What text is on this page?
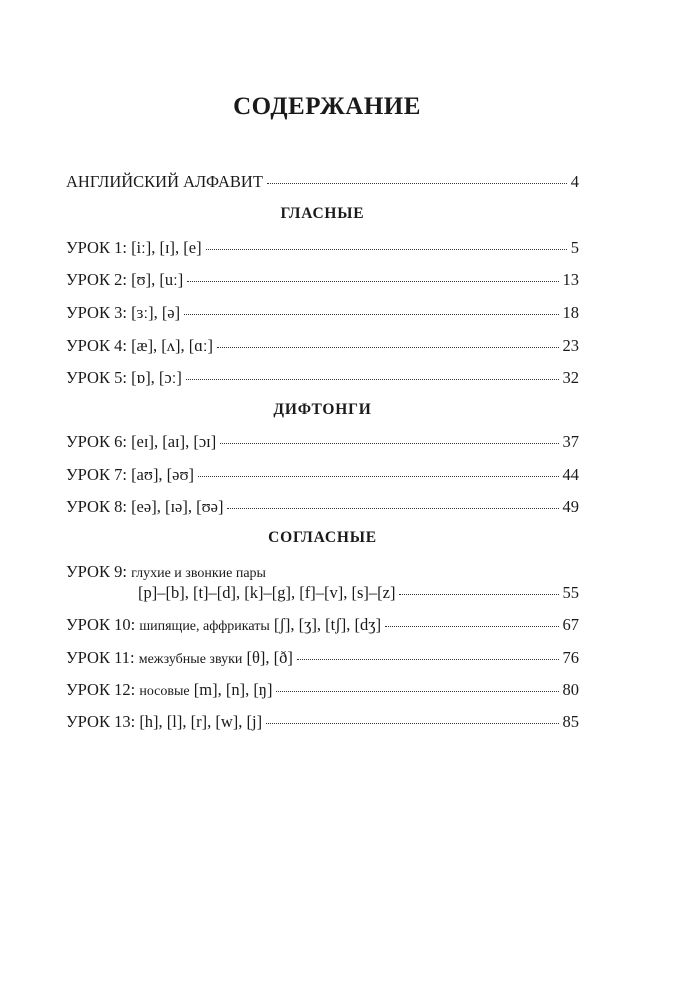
СОДЕРЖАНИЕ
АНГЛИЙСКИЙ АЛФАВИТ	4
ГЛАСНЫЕ
УРОК 1: [iː], [ɪ], [e]	5
УРОК 2: [ʊ], [uː]	13
УРОК 3: [ɜː], [ə]	18
УРОК 4: [æ], [ʌ], [ɑː]	23
УРОК 5: [ɒ], [ɔː]	32
ДИФТОНГИ
УРОК 6: [eɪ], [aɪ], [ɔɪ]	37
УРОК 7: [aʊ], [əʊ]	44
УРОК 8: [eə], [ɪə], [ʊə]	49
СОГЛАСНЫЕ
УРОК 9: глухие и звонкие пары
[p]–[b], [t]–[d], [k]–[g], [f]–[v], [s]–[z]	55
УРОК 10: шипящие, аффрикаты [ʃ], [ʒ], [tʃ], [dʒ]	67
УРОК 11: межзубные звуки [θ], [ð]	76
УРОК 12: носовые [m], [n], [ŋ]	80
УРОК 13: [h], [l], [r], [w], [j]	85
